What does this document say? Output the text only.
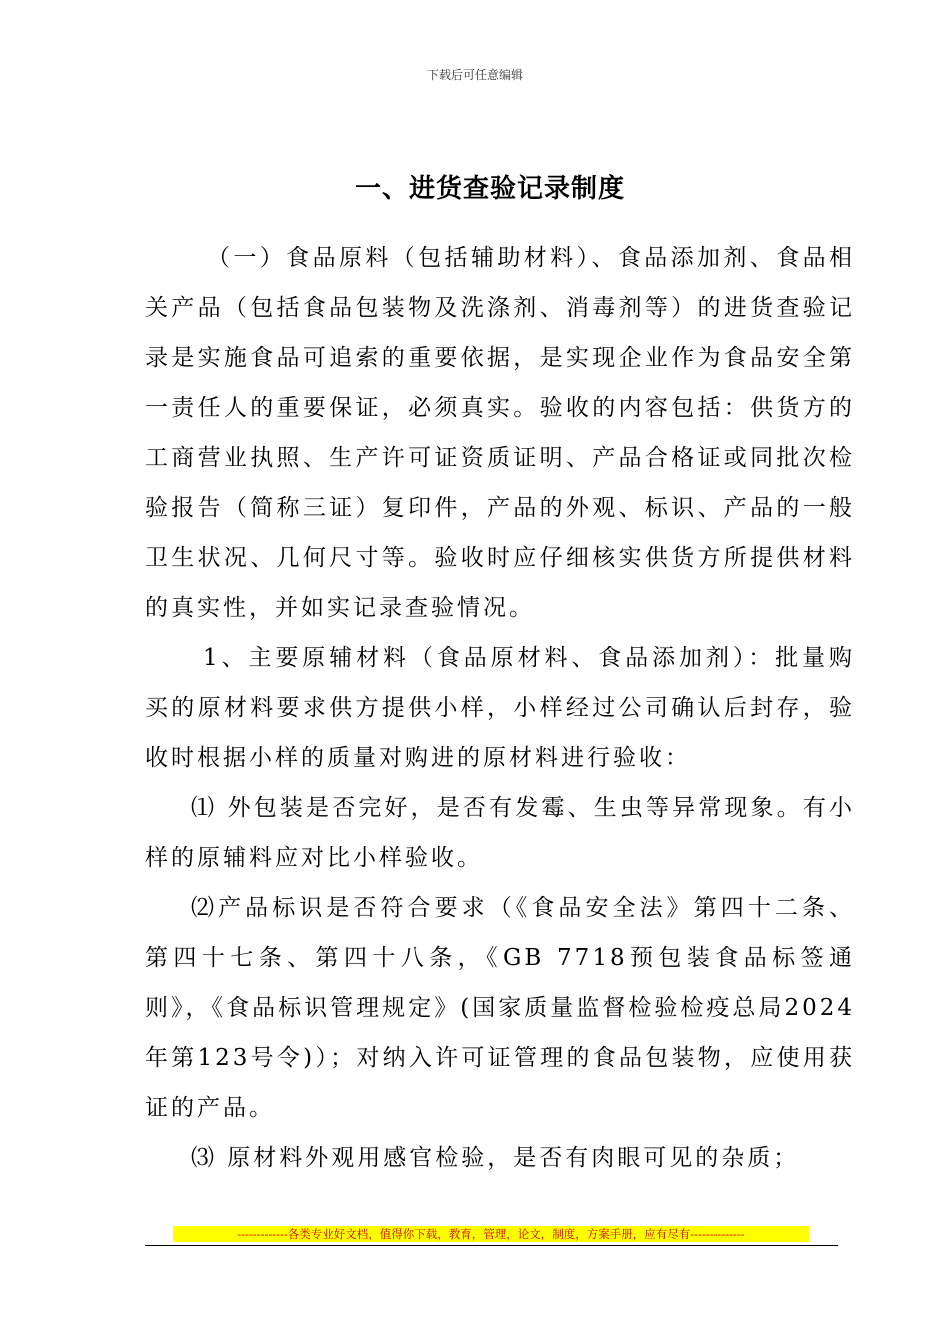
下载后可任意编辑
一、进货查验记录制度

（一）食品原料（包括辅助材料）、食品添加剂、食品相关产品（包括食品包装物及洗涤剂、消毒剂等）的进货查验记录是实施食品可追索的重要依据，是实现企业作为食品安全第一责任人的重要保证，必须真实。验收的内容包括：供货方的工商营业执照、生产许可证资质证明、产品合格证或同批次检验报告（简称三证）复印件，产品的外观、标识、产品的一般卫生状况、几何尺寸等。验收时应仔细核实供货方所提供材料的真实性，并如实记录查验情况。

1、主要原辅材料（食品原材料、食品添加剂）：批量购买的原材料要求供方提供小样，小样经过公司确认后封存，验收时根据小样的质量对购进的原材料进行验收：

⑴ 外包装是否完好，是否有发霉、生虫等异常现象。有小样的原辅料应对比小样验收。

⑵产品标识是否符合要求（《食品安全法》第四十二条、第四十七条、第四十八条，《GB 7718预包装食品标签通则》，《食品标识管理规定》(国家质量监督检验检疫总局2024年第123号令)）；对纳入许可证管理的食品包装物，应使用获证的产品。

⑶ 原材料外观用感官检验，是否有肉眼可见的杂质；

-------------各类专业好文档，值得你下载，教育，管理，论文，制度，方案手册，应有尽有--------------
